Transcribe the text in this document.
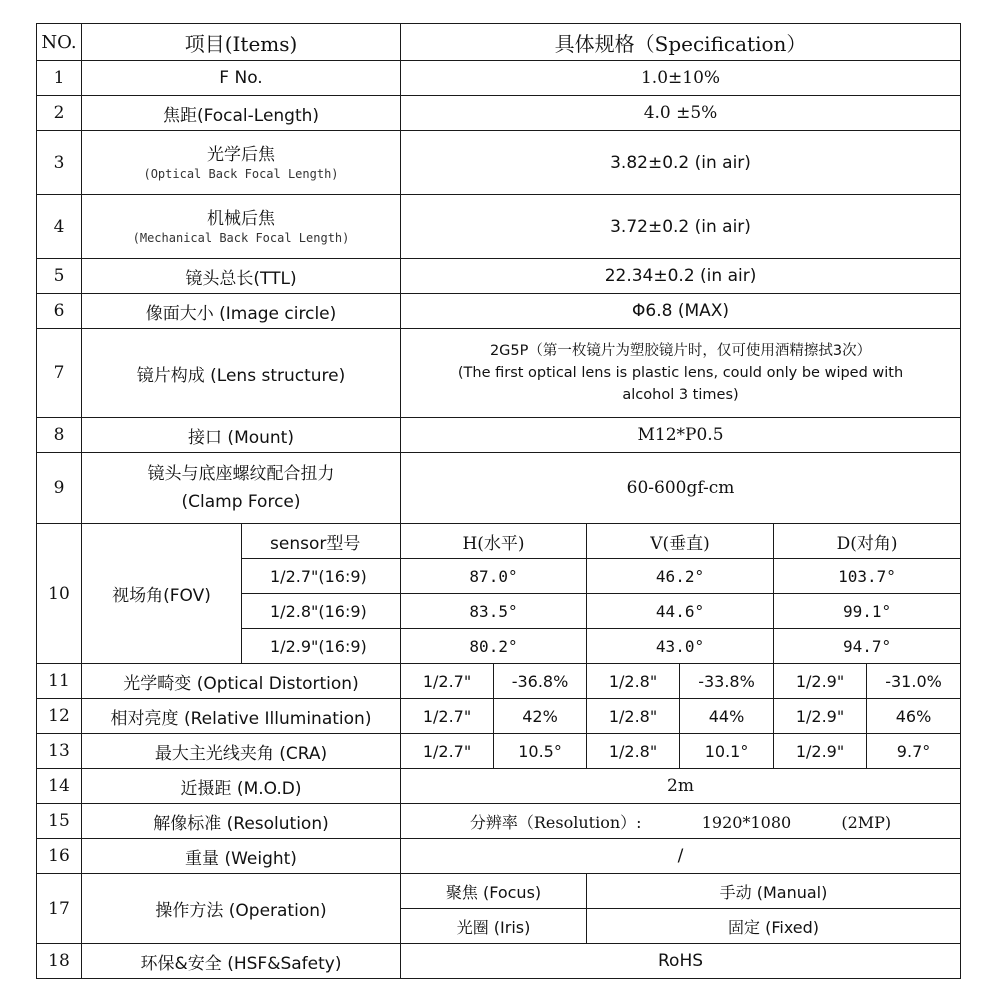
NO.	项目(Items)		具体规格（Specification）					
1	F No.		1.0±10%					
2	焦距(Focal-Length)		4.0 ±5%					
3	光学后焦
(Optical Back Focal Length)		3.82±0.2 (in air)					
4	机械后焦
(Mechanical Back Focal Length)		3.72±0.2 (in air)					
5	镜头总长(TTL)		22.34±0.2 (in air)					
6	像面大小 (Image circle)		Φ6.8 (MAX)					
7	镜片构成 (Lens structure)		2G5P（第一枚镜片为塑胶镜片时，仅可使用酒精擦拭3次）
(The first optical lens is plastic lens, could only be wiped with
alcohol 3 times)					

8	接口 (Mount)		M12*P0.5					
9	镜头与底座螺纹配合扭力
(Clamp Force)		60-600gf-cm					
10	视场角(FOV)	sensor型号	H(水平)		V(垂直)		D(对角)	
		1/2.7"(16:9)	87.0°		46.2°		103.7°	
		1/2.8"(16:9)	83.5°		44.6°		99.1°	
		1/2.9"(16:9)	80.2°		43.0°		94.7°	
11	光学畸变 (Optical Distortion)		1/2.7"	-36.8%	1/2.8"	-33.8%	1/2.9"	-31.0%
12	相对亮度 (Relative Illumination)		1/2.7"	42%	1/2.8"	44%	1/2.9"	46%
13	最大主光线夹角 (CRA)		1/2.7"	10.5°	1/2.8"	10.1°	1/2.9"	9.7°
14	近摄距 (M.O.D)		2m					
15	解像标准 (Resolution)		分辨率（Resolution）: 1920*1080 (2MP)					
16	重量 (Weight)		/					
17	操作方法 (Operation)		聚焦 (Focus)		手动 (Manual)			
			光圈 (Iris)		固定 (Fixed)			
18	环保&安全 (HSF&Safety)		RoHS					
